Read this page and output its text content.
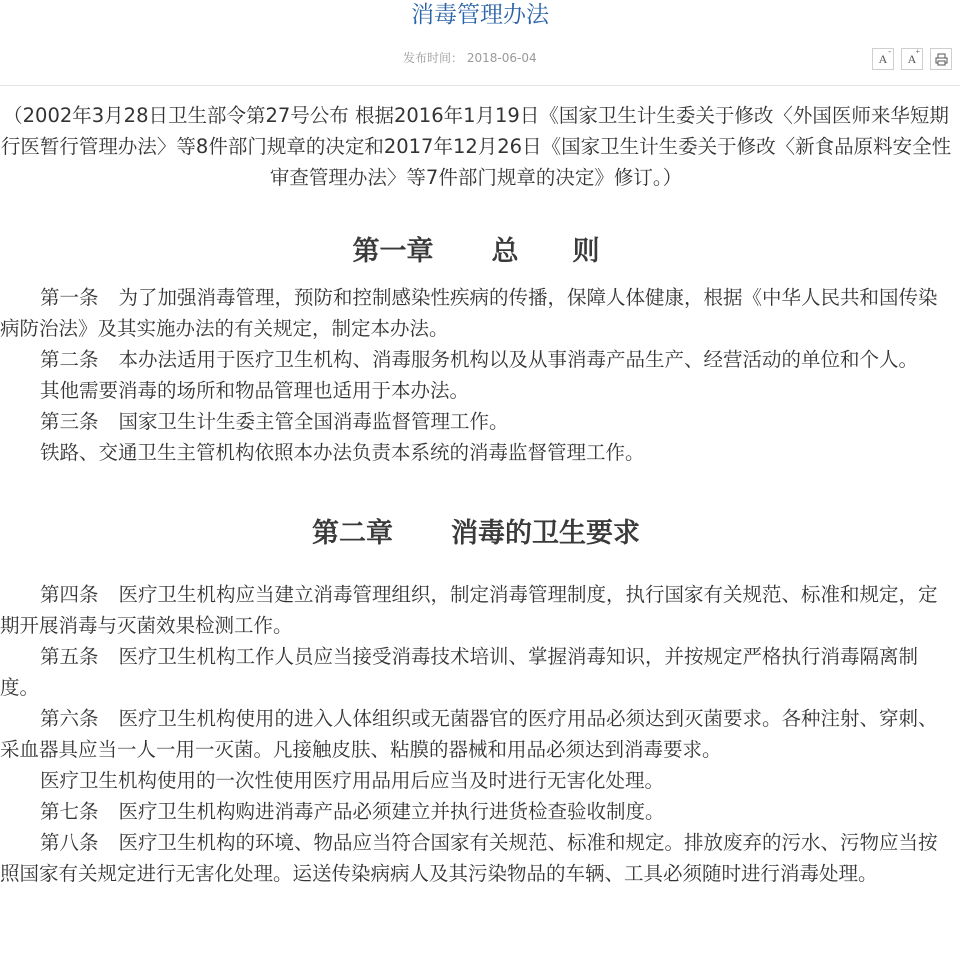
消毒管理办法
发布时间： 2018-06-04	A
-
A
+

（2002年3月28日卫生部令第27号公布 根据2016年1月19日《国家卫生计生委关于修改〈外国医师来华短期行医暂行管理办法〉等8件部门规章的决定和2017年12月26日《国家卫生计生委关于修改〈新食品原料安全性审查管理办法〉等7件部门规章的决定》修订。）

第一章 总　　则

第一条 为了加强消毒管理，预防和控制感染性疾病的传播，保障人体健康，根据《中华人民共和国传染病防治法》及其实施办法的有关规定，制定本办法。

第二条 本办法适用于医疗卫生机构、消毒服务机构以及从事消毒产品生产、经营活动的单位和个人。

其他需要消毒的场所和物品管理也适用于本办法。

第三条 国家卫生计生委主管全国消毒监督管理工作。

铁路、交通卫生主管机构依照本办法负责本系统的消毒监督管理工作。

第二章 消毒的卫生要求

第四条 医疗卫生机构应当建立消毒管理组织，制定消毒管理制度，执行国家有关规范、标准和规定，定期开展消毒与灭菌效果检测工作。

第五条 医疗卫生机构工作人员应当接受消毒技术培训、掌握消毒知识，并按规定严格执行消毒隔离制度。

第六条 医疗卫生机构使用的进入人体组织或无菌器官的医疗用品必须达到灭菌要求。各种注射、穿刺、采血器具应当一人一用一灭菌。凡接触皮肤、粘膜的器械和用品必须达到消毒要求。

医疗卫生机构使用的一次性使用医疗用品用后应当及时进行无害化处理。

第七条 医疗卫生机构购进消毒产品必须建立并执行进货检查验收制度。

第八条 医疗卫生机构的环境、物品应当符合国家有关规范、标准和规定。排放废弃的污水、污物应当按照国家有关规定进行无害化处理。运送传染病病人及其污染物品的车辆、工具必须随时进行消毒处理。
